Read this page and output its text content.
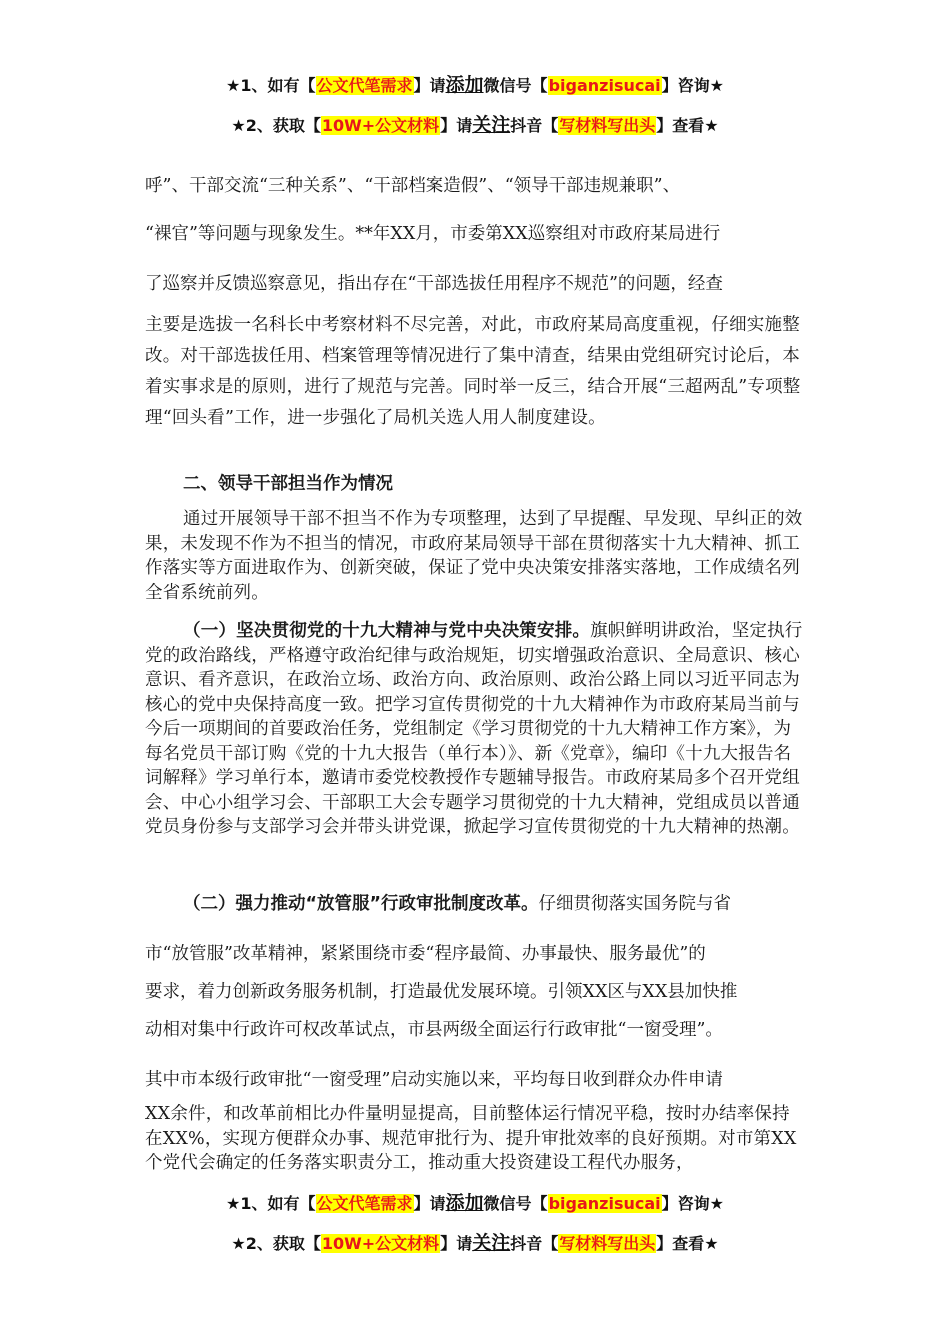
★1、如有【公文代笔需求】请添加微信号【biganzisucai】咨询★
★2、获取【10W+公文材料】请关注抖音【写材料写出头】查看★
呼”、干部交流“三种关系”、“干部档案造假”、“领导干部违规兼职”、
“裸官”等问题与现象发生。**年XX月，市委第XX巡察组对市政府某局进行
了巡察并反馈巡察意见，指出存在“干部选拔任用程序不规范”的问题，经查

主要是选拔一名科长中考察材料不尽完善，对此，市政府某局高度重视，仔细实施整改。对干部选拔任用、档案管理等情况进行了集中清查，结果由党组研究讨论后，本着实事求是的原则，进行了规范与完善。同时举一反三，结合开展“三超两乱”专项整理“回头看”工作，进一步强化了局机关选人用人制度建设。

二、领导干部担当作为情况

通过开展领导干部不担当不作为专项整理，达到了早提醒、早发现、早纠正的效果，未发现不作为不担当的情况，市政府某局领导干部在贯彻落实十九大精神、抓工作落实等方面进取作为、创新突破，保证了党中央决策安排落实落地，工作成绩名列全省系统前列。

（一）坚决贯彻党的十九大精神与党中央决策安排。旗帜鲜明讲政治，坚定执行党的政治路线，严格遵守政治纪律与政治规矩，切实增强政治意识、全局意识、核心意识、看齐意识，在政治立场、政治方向、政治原则、政治公路上同以习近平同志为核心的党中央保持高度一致。把学习宣传贯彻党的十九大精神作为市政府某局当前与今后一项期间的首要政治任务，党组制定《学习贯彻党的十九大精神工作方案》，为每名党员干部订购《党的十九大报告（单行本）》、新《党章》，编印《十九大报告名词解释》学习单行本，邀请市委党校教授作专题辅导报告。市政府某局多个召开党组会、中心小组学习会、干部职工大会专题学习贯彻党的十九大精神，党组成员以普通党员身份参与支部学习会并带头讲党课，掀起学习宣传贯彻党的十九大精神的热潮。

（二）强力推动“放管服”行政审批制度改革。仔细贯彻落实国务院与省
市“放管服”改革精神，紧紧围绕市委“程序最简、办事最快、服务最优”的
要求，着力创新政务服务机制，打造最优发展环境。引领XX区与XX县加快推
动相对集中行政许可权改革试点，市县两级全面运行行政审批“一窗受理”。
其中市本级行政审批“一窗受理”启动实施以来，平均每日收到群众办件申请

XX余件，和改革前相比办件量明显提高，目前整体运行情况平稳，按时办结率保持在XX%，实现方便群众办事、规范审批行为、提升审批效率的良好预期。对市第XX个党代会确定的任务落实职责分工，推动重大投资建设工程代办服务，

★1、如有【公文代笔需求】请添加微信号【biganzisucai】咨询★
★2、获取【10W+公文材料】请关注抖音【写材料写出头】查看★
